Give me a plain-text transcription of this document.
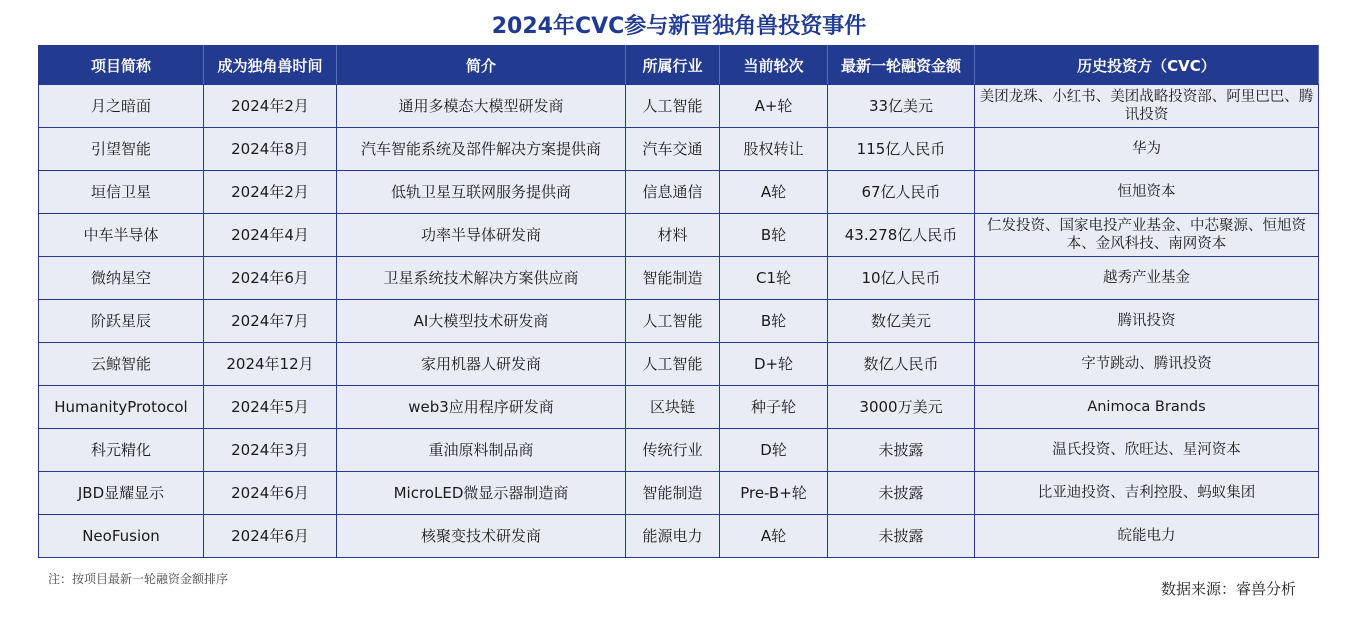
2024年CVC参与新晋独角兽投资事件
项目简称	成为独角兽时间	简介	所属行业	当前轮次	最新一轮融资金额	历史投资方（CVC）
月之暗面	2024年2月	通用多模态大模型研发商	人工智能	A+轮	33亿美元	美团龙珠、小红书、美团战略投资部、阿里巴巴、腾讯投资
引望智能	2024年8月	汽车智能系统及部件解决方案提供商	汽车交通	股权转让	115亿人民币	华为
垣信卫星	2024年2月	低轨卫星互联网服务提供商	信息通信	A轮	67亿人民币	恒旭资本
中车半导体	2024年4月	功率半导体研发商	材料	B轮	43.278亿人民币	仁发投资、国家电投产业基金、中芯聚源、恒旭资本、金风科技、南网资本
微纳星空	2024年6月	卫星系统技术解决方案供应商	智能制造	C1轮	10亿人民币	越秀产业基金
阶跃星辰	2024年7月	AI大模型技术研发商	人工智能	B轮	数亿美元	腾讯投资
云鲸智能	2024年12月	家用机器人研发商	人工智能	D+轮	数亿人民币	字节跳动、腾讯投资
HumanityProtocol	2024年5月	web3应用程序研发商	区块链	种子轮	3000万美元	Animoca Brands
科元精化	2024年3月	重油原料制品商	传统行业	D轮	未披露	温氏投资、欣旺达、星河资本
JBD显耀显示	2024年6月	MicroLED微显示器制造商	智能制造	Pre-B+轮	未披露	比亚迪投资、吉利控股、蚂蚁集团
NeoFusion	2024年6月	核聚变技术研发商	能源电力	A轮	未披露	皖能电力
注：按项目最新一轮融资金额排序
数据来源：睿兽分析
